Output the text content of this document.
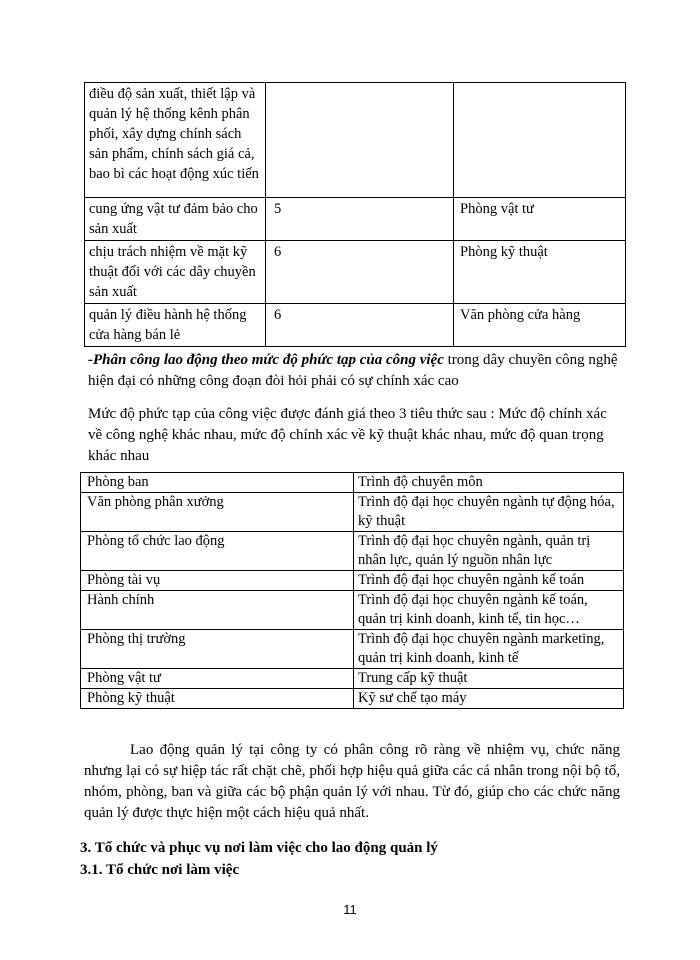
điều độ sản xuất, thiết lập và quản lý hệ thống kênh phân phối, xây dựng chính sách sản phẩm, chính sách giá cả, bao bì các hoạt động xúc tiến		
cung ứng vật tư đảm bảo cho sản xuất	5	Phòng vật tư
chịu trách nhiệm về mặt kỹ thuật đối với các dây chuyền sản xuất	6	Phòng kỹ thuật
quản lý điều hành hệ thống cửa hàng bán lẻ	6	Văn phòng cửa hàng
-Phân công lao động theo mức độ phức tạp của công việc trong dây chuyền công nghệ hiện đại có những công đoạn đòi hỏi phải có sự chính xác cao
Mức độ phức tạp của công việc được đánh giá theo 3 tiêu thức sau : Mức độ chính xác về công nghệ khác nhau, mức độ chính xác về kỹ thuật khác nhau, mức độ quan trọng khác nhau
Phòng ban	Trình độ chuyên môn
Văn phòng phân xưởng	Trình độ đại học chuyên ngành tự động hóa, kỹ thuật
Phòng tổ chức lao động	Trình độ đại học chuyên ngành, quản trị nhân lực, quản lý nguồn nhân lực
Phòng tài vụ	Trình độ đại học chuyên ngành kế toán
Hành chính	Trình độ đại học chuyên ngành kế toán, quản trị kinh doanh, kinh tế, tin học…
Phòng thị trường	Trình độ đại học chuyên ngành marketing, quản trị kinh doanh, kinh tế
Phòng vật tư	Trung cấp kỹ thuật
Phòng kỹ thuật	Kỹ sư chế tạo máy
Lao động quản lý tại công ty có phân công rõ ràng về nhiệm vụ, chức năng nhưng lại có sự hiệp tác rất chặt chẽ, phối hợp hiệu quả giữa các cá nhân trong nội bộ tổ, nhóm, phòng, ban và giữa các bộ phận quản lý với nhau. Từ đó, giúp cho các chức năng quản lý được thực hiện một cách hiệu quả nhất.
3. Tổ chức và phục vụ nơi làm việc cho lao động quản lý
3.1. Tổ chức nơi làm việc
11
